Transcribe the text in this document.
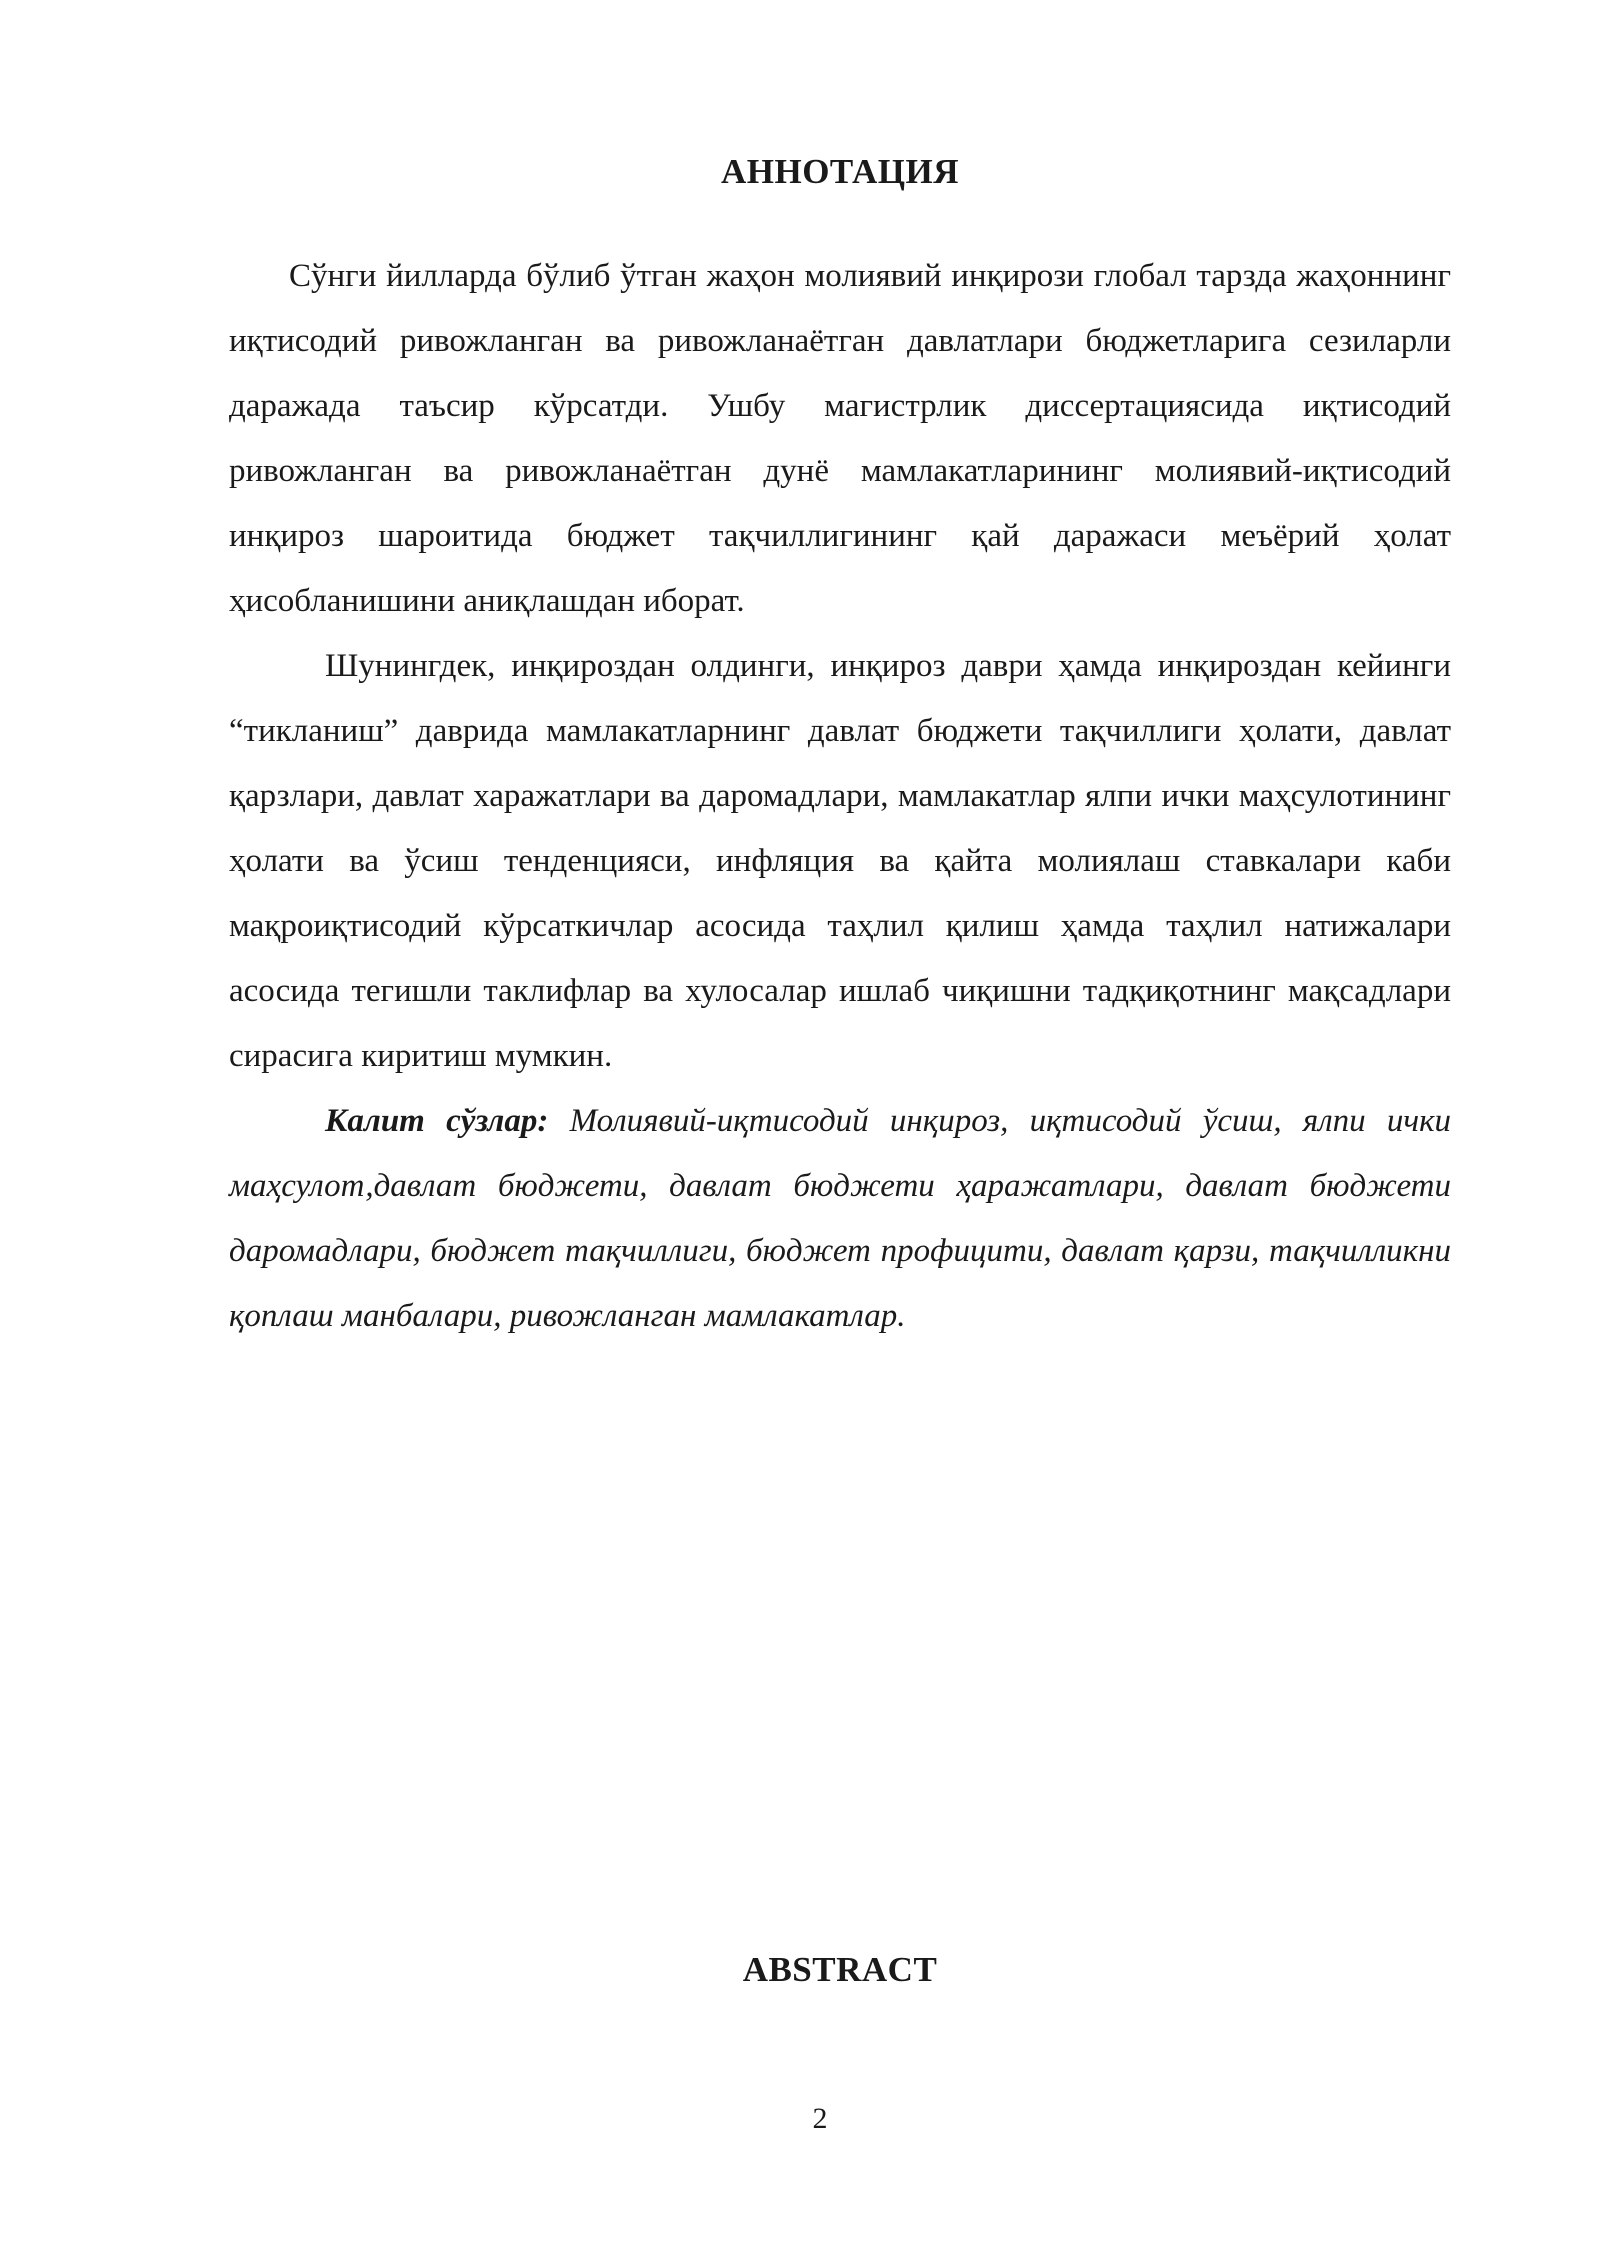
АННОТАЦИЯ

Сўнги йилларда бўлиб ўтган жаҳон молиявий инқирози глобал тарзда жаҳоннинг иқтисодий ривожланган ва ривожланаётган давлатлари бюджетларига сезиларли даражада таъсир кўрсатди. Ушбу магистрлик диссертациясида иқтисодий ривожланган ва ривожланаётган дунё мамлакатларининг молиявий-иқтисодий инқироз шароитида бюджет тақчиллигининг қай даражаси меъёрий ҳолат ҳисобланишини аниқлашдан иборат.

Шунингдек, инқироздан олдинги, инқироз даври ҳамда инқироздан кейинги “тикланиш” даврида мамлакатларнинг давлат бюджети тақчиллиги ҳолати, давлат қарзлари, давлат харажатлари ва даромадлари, мамлакатлар ялпи ички маҳсулотининг ҳолати ва ўсиш тенденцияси, инфляция ва қайта молиялаш ставкалари каби мақроиқтисодий кўрсаткичлар асосида таҳлил қилиш ҳамда таҳлил натижалари асосида тегишли таклифлар ва хулосалар ишлаб чиқишни тадқиқотнинг мақсадлари сирасига киритиш мумкин.

Калит сўзлар: Молиявий-иқтисодий инқироз, иқтисодий ўсиш, ялпи ички маҳсулот,давлат бюджети, давлат бюджети ҳаражатлари, давлат бюджети даромадлари, бюджет тақчиллиги, бюджет профицити, давлат қарзи, тақчилликни қоплаш манбалари, ривожланган мамлакатлар.

ABSTRACT
2
